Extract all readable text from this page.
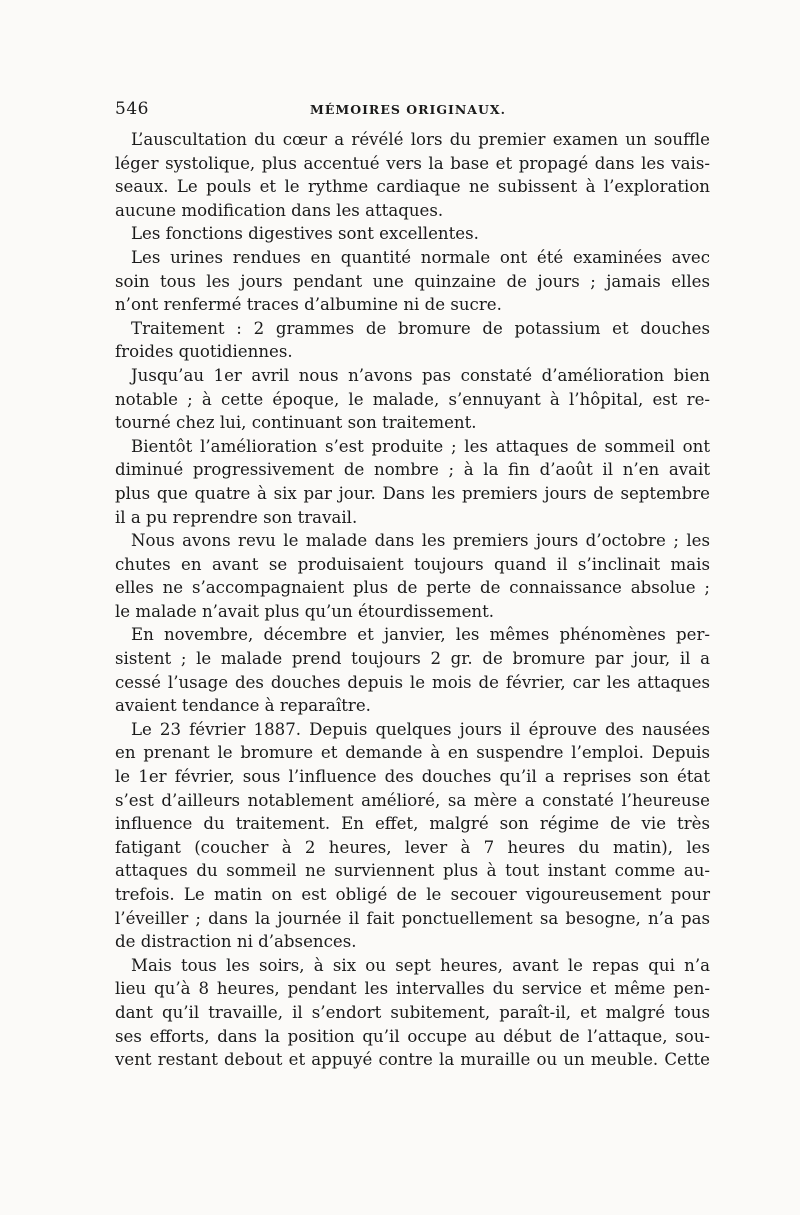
546	MÉMOIRES ORIGINAUX.

L’auscultation du cœur a révélé lors du premier examen un souffle
léger systolique, plus accentué vers la base et propagé dans les vais-
seaux. Le pouls et le rythme cardiaque ne subissent à l’exploration
aucune modification dans les attaques.

Les fonctions digestives sont excellentes.

Les urines rendues en quantité normale ont été examinées avec
soin tous les jours pendant une quinzaine de jours ; jamais elles
n’ont renfermé traces d’albumine ni de sucre.

Traitement : 2 grammes de bromure de potassium et douches
froides quotidiennes.

Jusqu’au 1er avril nous n’avons pas constaté d’amélioration bien
notable ; à cette époque, le malade, s’ennuyant à l’hôpital, est re-
tourné chez lui, continuant son traitement.

Bientôt l’amélioration s’est produite ; les attaques de sommeil ont
diminué progressivement de nombre ; à la fin d’août il n’en avait
plus que quatre à six par jour. Dans les premiers jours de septembre
il a pu reprendre son travail.

Nous avons revu le malade dans les premiers jours d’octobre ; les
chutes en avant se produisaient toujours quand il s’inclinait mais
elles ne s’accompagnaient plus de perte de connaissance absolue ;
le malade n’avait plus qu’un étourdissement.

En novembre, décembre et janvier, les mêmes phénomènes per-
sistent ; le malade prend toujours 2 gr. de bromure par jour, il a
cessé l’usage des douches depuis le mois de février, car les attaques
avaient tendance à reparaître.

Le 23 février 1887. Depuis quelques jours il éprouve des nausées
en prenant le bromure et demande à en suspendre l’emploi. Depuis
le 1er février, sous l’influence des douches qu’il a reprises son état
s’est d’ailleurs notablement amélioré, sa mère a constaté l’heureuse
influence du traitement. En effet, malgré son régime de vie très
fatigant (coucher à 2 heures, lever à 7 heures du matin), les
attaques du sommeil ne surviennent plus à tout instant comme au-
trefois. Le matin on est obligé de le secouer vigoureusement pour
l’éveiller ; dans la journée il fait ponctuellement sa besogne, n’a pas
de distraction ni d’absences.

Mais tous les soirs, à six ou sept heures, avant le repas qui n’a
lieu qu’à 8 heures, pendant les intervalles du service et même pen-
dant qu’il travaille, il s’endort subitement, paraît-il, et malgré tous
ses efforts, dans la position qu’il occupe au début de l’attaque, sou-
vent restant debout et appuyé contre la muraille ou un meuble. Cette
